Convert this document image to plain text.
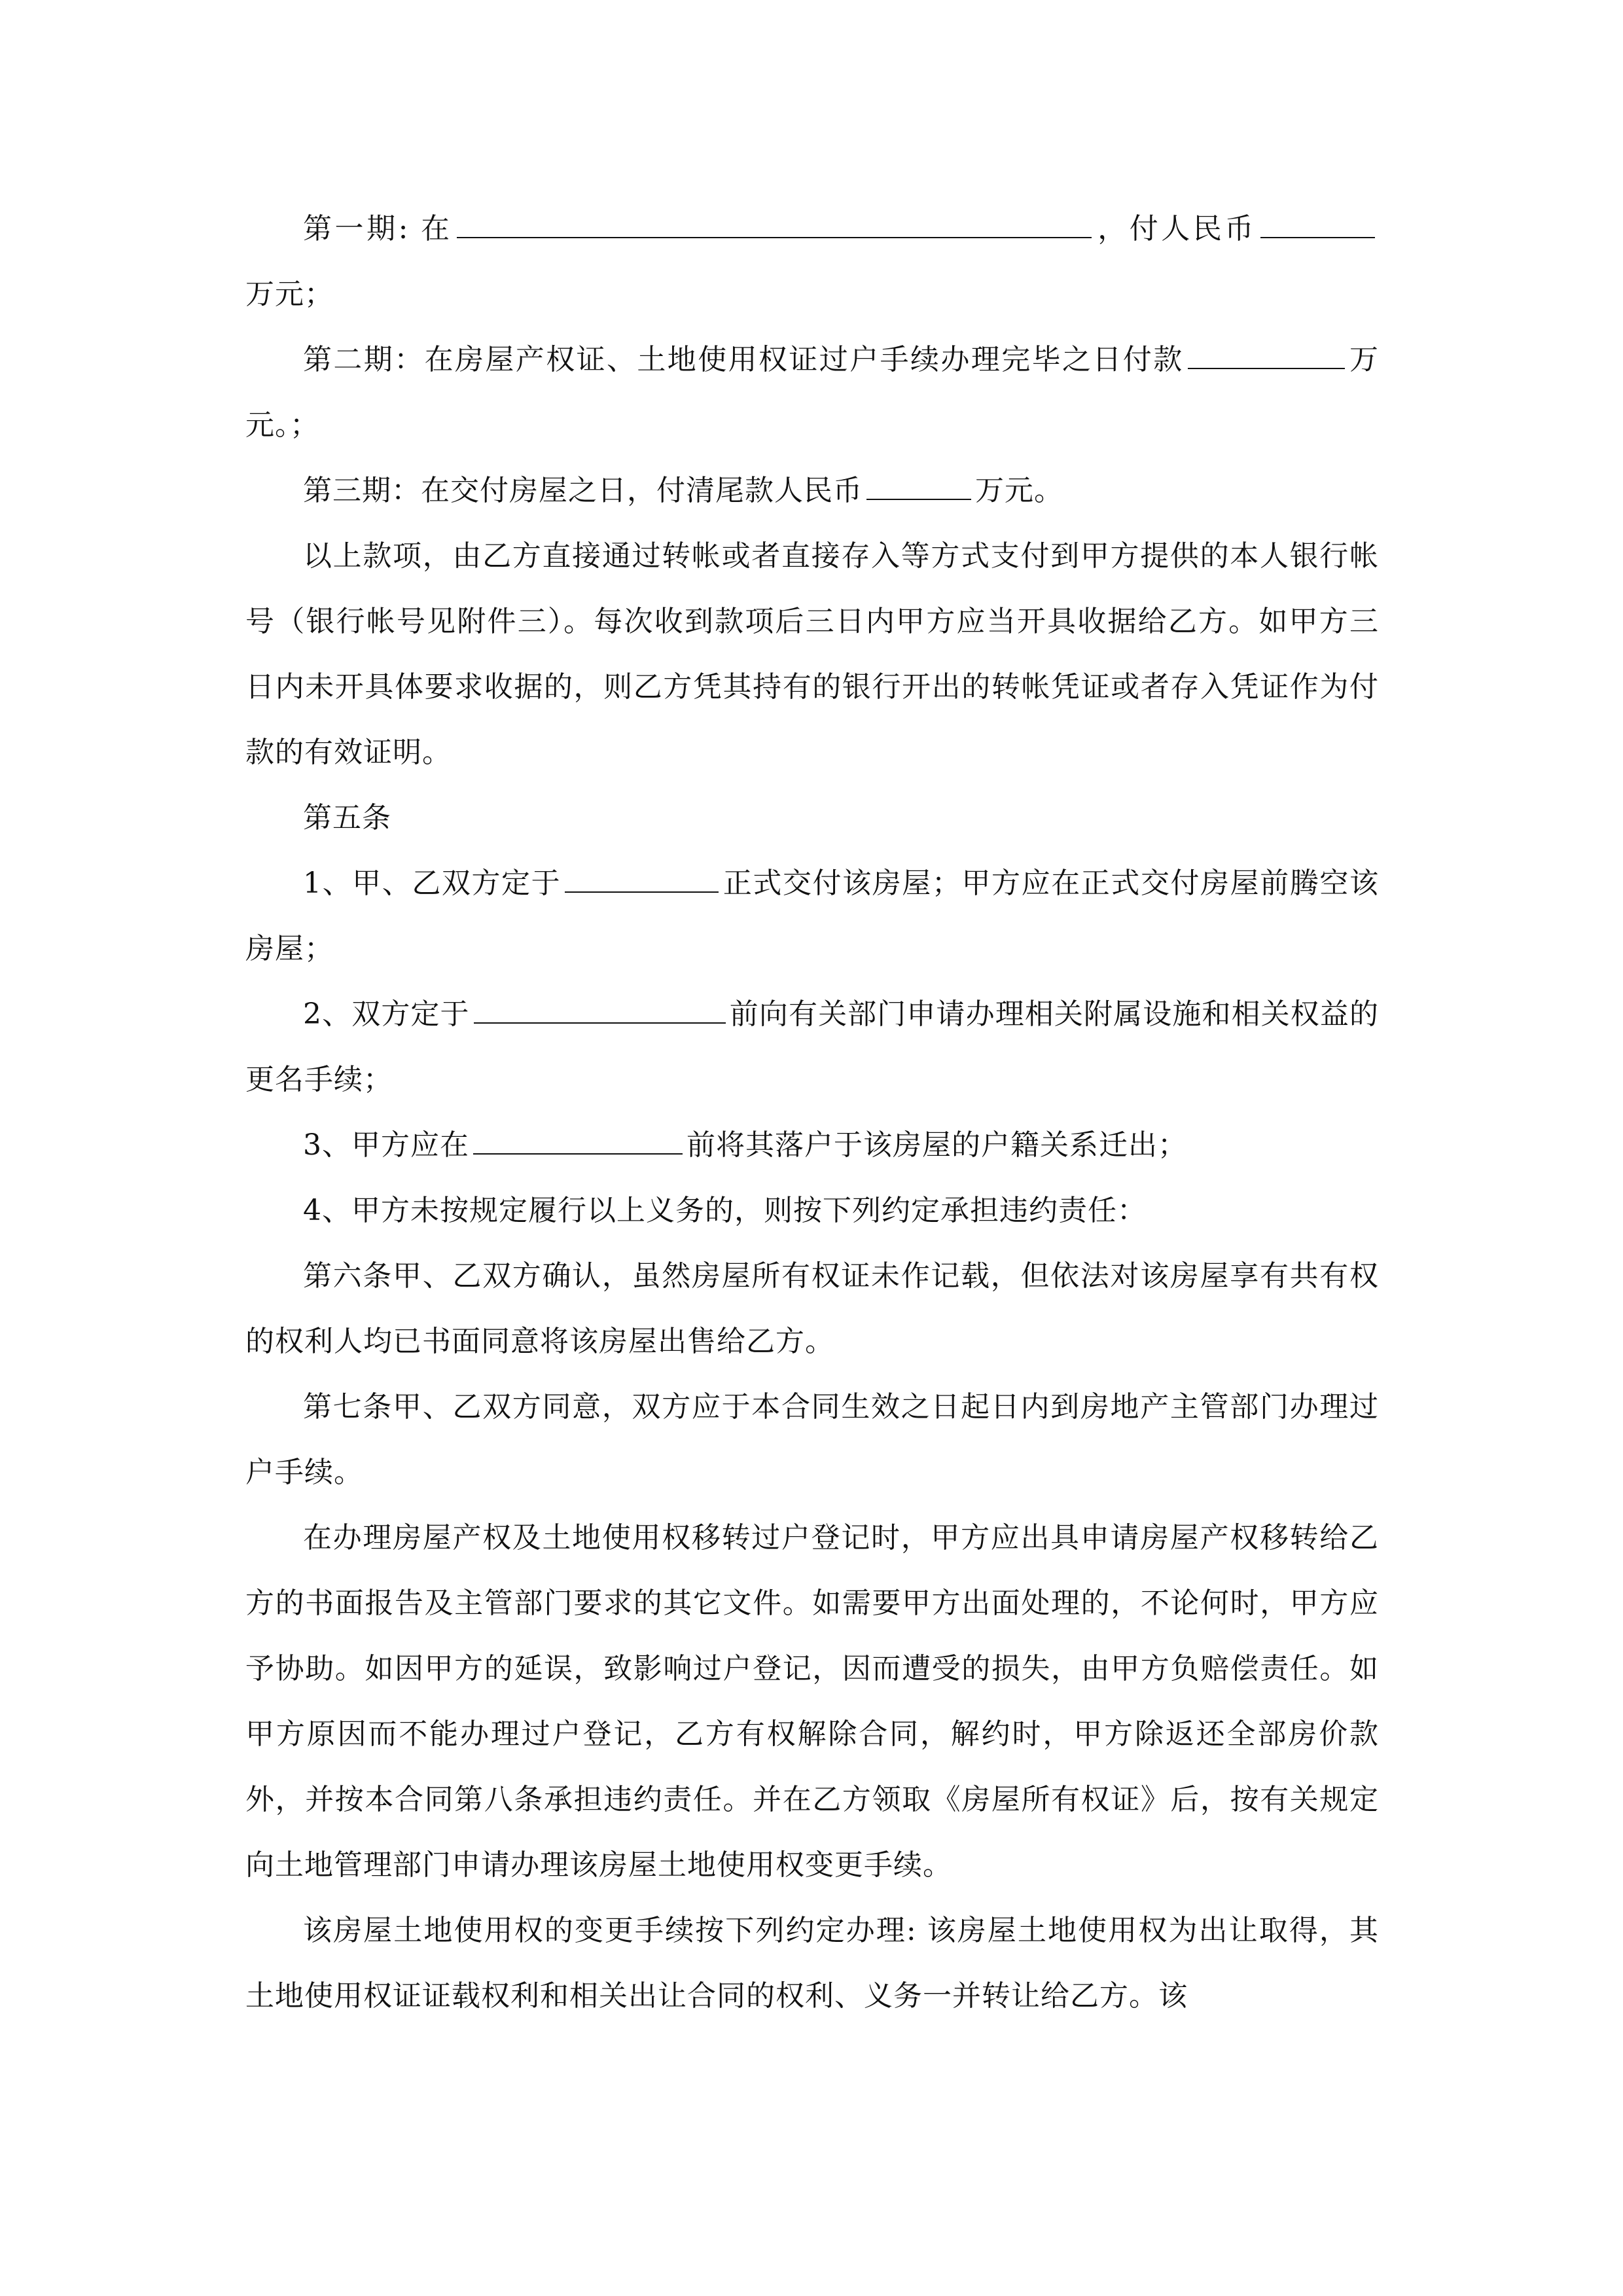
第一期: 在	，付人民币万元；

第二期：在房屋产权证、土地使用权证过户手续办理完毕之日付款	万元。；

第三期：在交付房屋之日，付清尾款人民币	万元。

以上款项，由乙方直接通过转帐或者直接存入等方式支付到甲方提供的本人银行帐号（银行帐号见附件三）。每次收到款项后三日内甲方应当开具收据给乙方。如甲方三日内未开具体要求收据的，则乙方凭其持有的银行开出的转帐凭证或者存入凭证作为付款的有效证明。

第五条

1、甲、乙双方定于	正式交付该房屋；甲方应在正式交付房屋前腾空该房屋；

2、双方定于	前向有关部门申请办理相关附属设施和相关权益的更名手续；

3、甲方应在	前将其落户于该房屋的户籍关系迁出；

4、甲方未按规定履行以上义务的，则按下列约定承担违约责任：

第六条甲、乙双方确认，虽然房屋所有权证未作记载，但依法对该房屋享有共有权的权利人均已书面同意将该房屋出售给乙方。

第七条甲、乙双方同意，双方应于本合同生效之日起日内到房地产主管部门办理过户手续。

在办理房屋产权及土地使用权移转过户登记时，甲方应出具申请房屋产权移转给乙方的书面报告及主管部门要求的其它文件。如需要甲方出面处理的，不论何时，甲方应予协助。如因甲方的延误，致影响过户登记，因而遭受的损失，由甲方负赔偿责任。如甲方原因而不能办理过户登记，乙方有权解除合同，解约时，甲方除返还全部房价款外，并按本合同第八条承担违约责任。并在乙方领取《房屋所有权证》后，按有关规定向土地管理部门申请办理该房屋土地使用权变更手续。

该房屋土地使用权的变更手续按下列约定办理: 该房屋土地使用权为出让取得，其土地使用权证证载权利和相关出让合同的权利、义务一并转让给乙方。该
